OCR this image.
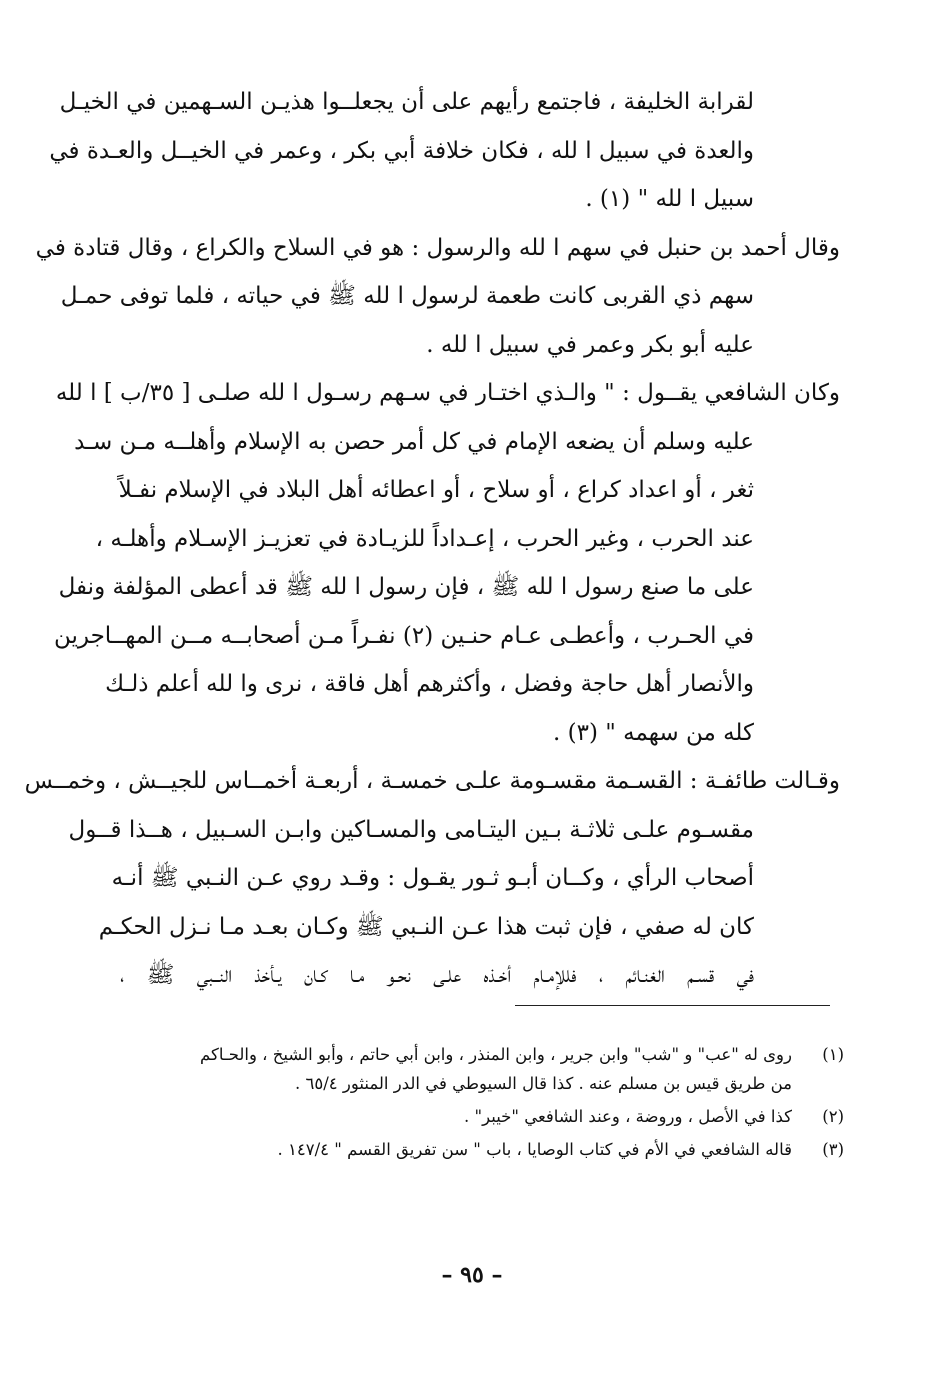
لقرابة الخليفة ، فاجتمع رأيهم على أن يجعلــوا هذيـن السـهمين في الخيـل
والعدة في سبيل ا لله ، فكان خلافة أبي بكر ، وعمر في الخيــل والعـدة في
سبيل ا لله " (١) .
وقال أحمد بن حنبل في سهم ا لله والرسول : هو في السلاح والكراع ، وقال قتادة في
سهم ذي القربى كانت طعمة لرسول ا لله ﷺ في حياته ، فلما توفى حمـل
عليه أبو بكر وعمر في سبيل ا لله .
وكان الشافعي يقــول : " والـذي اختـار في سـهم رسـول ا لله صلـى [ ٣٥/ب ] ا لله
عليه وسلم أن يضعه الإمام في كل أمر حصن به الإسلام وأهلــه مـن سـد
ثغر ، أو اعداد كراع ، أو سلاح ، أو اعطائه أهل البلاد في الإسلام نفـلاً
عند الحرب ، وغير الحرب ، إعـداداً للزيـادة في تعزيـز الإسـلام وأهلـه ،
على ما صنع رسول ا لله ﷺ ، فإن رسول ا لله ﷺ قد أعطى المؤلفة ونفل
في الحـرب ، وأعطـى عـام حنـين (٢) نفـراً مـن أصحابــه مــن المهــاجرين
والأنصار أهل حاجة وفضل ، وأكثرهم أهل فاقة ، نرى وا لله أعلم ذلـك
كله من سهمه " (٣) .
وقـالت طائفـة : القسـمة مقسـومة علـى خمسـة ، أربعـة أخمــاس للجيــش ، وخمــس
مقسـوم علـى ثلاثـة بـين اليتـامى والمسـاكين وابـن السـبيل ، هــذا قــول
أصحاب الرأي ، وكــان أبـو ثـور يقـول : وقـد روي عـن النـبي ﷺ أنـه
كان له صفي ، فإن ثبت هذا عـن النـبي ﷺ وكـان بعـد مـا نـزل الحكـم
في قسـم الغنـائم ، فللإمـام أخـذه علـى نحـو مـا كـان يـأخذ النــبي ﷺ ،
(١)
روى له "عب" و "شب" وابن جرير ، وابن المنذر ، وابن أبي حاتم ، وأبو الشيخ ، والحـاكم
من طريق قيس بن مسلم عنه . كذا قال السيوطي في الدر المنثور ٦٥/٤ .
(٢)
كذا في الأصل ، وروضة ، وعند الشافعي "خيبر" .
(٣)
قاله الشافعي في الأم في كتاب الوصايا ، باب " سن تفريق القسم " ١٤٧/٤ .
– ٩٥ –
